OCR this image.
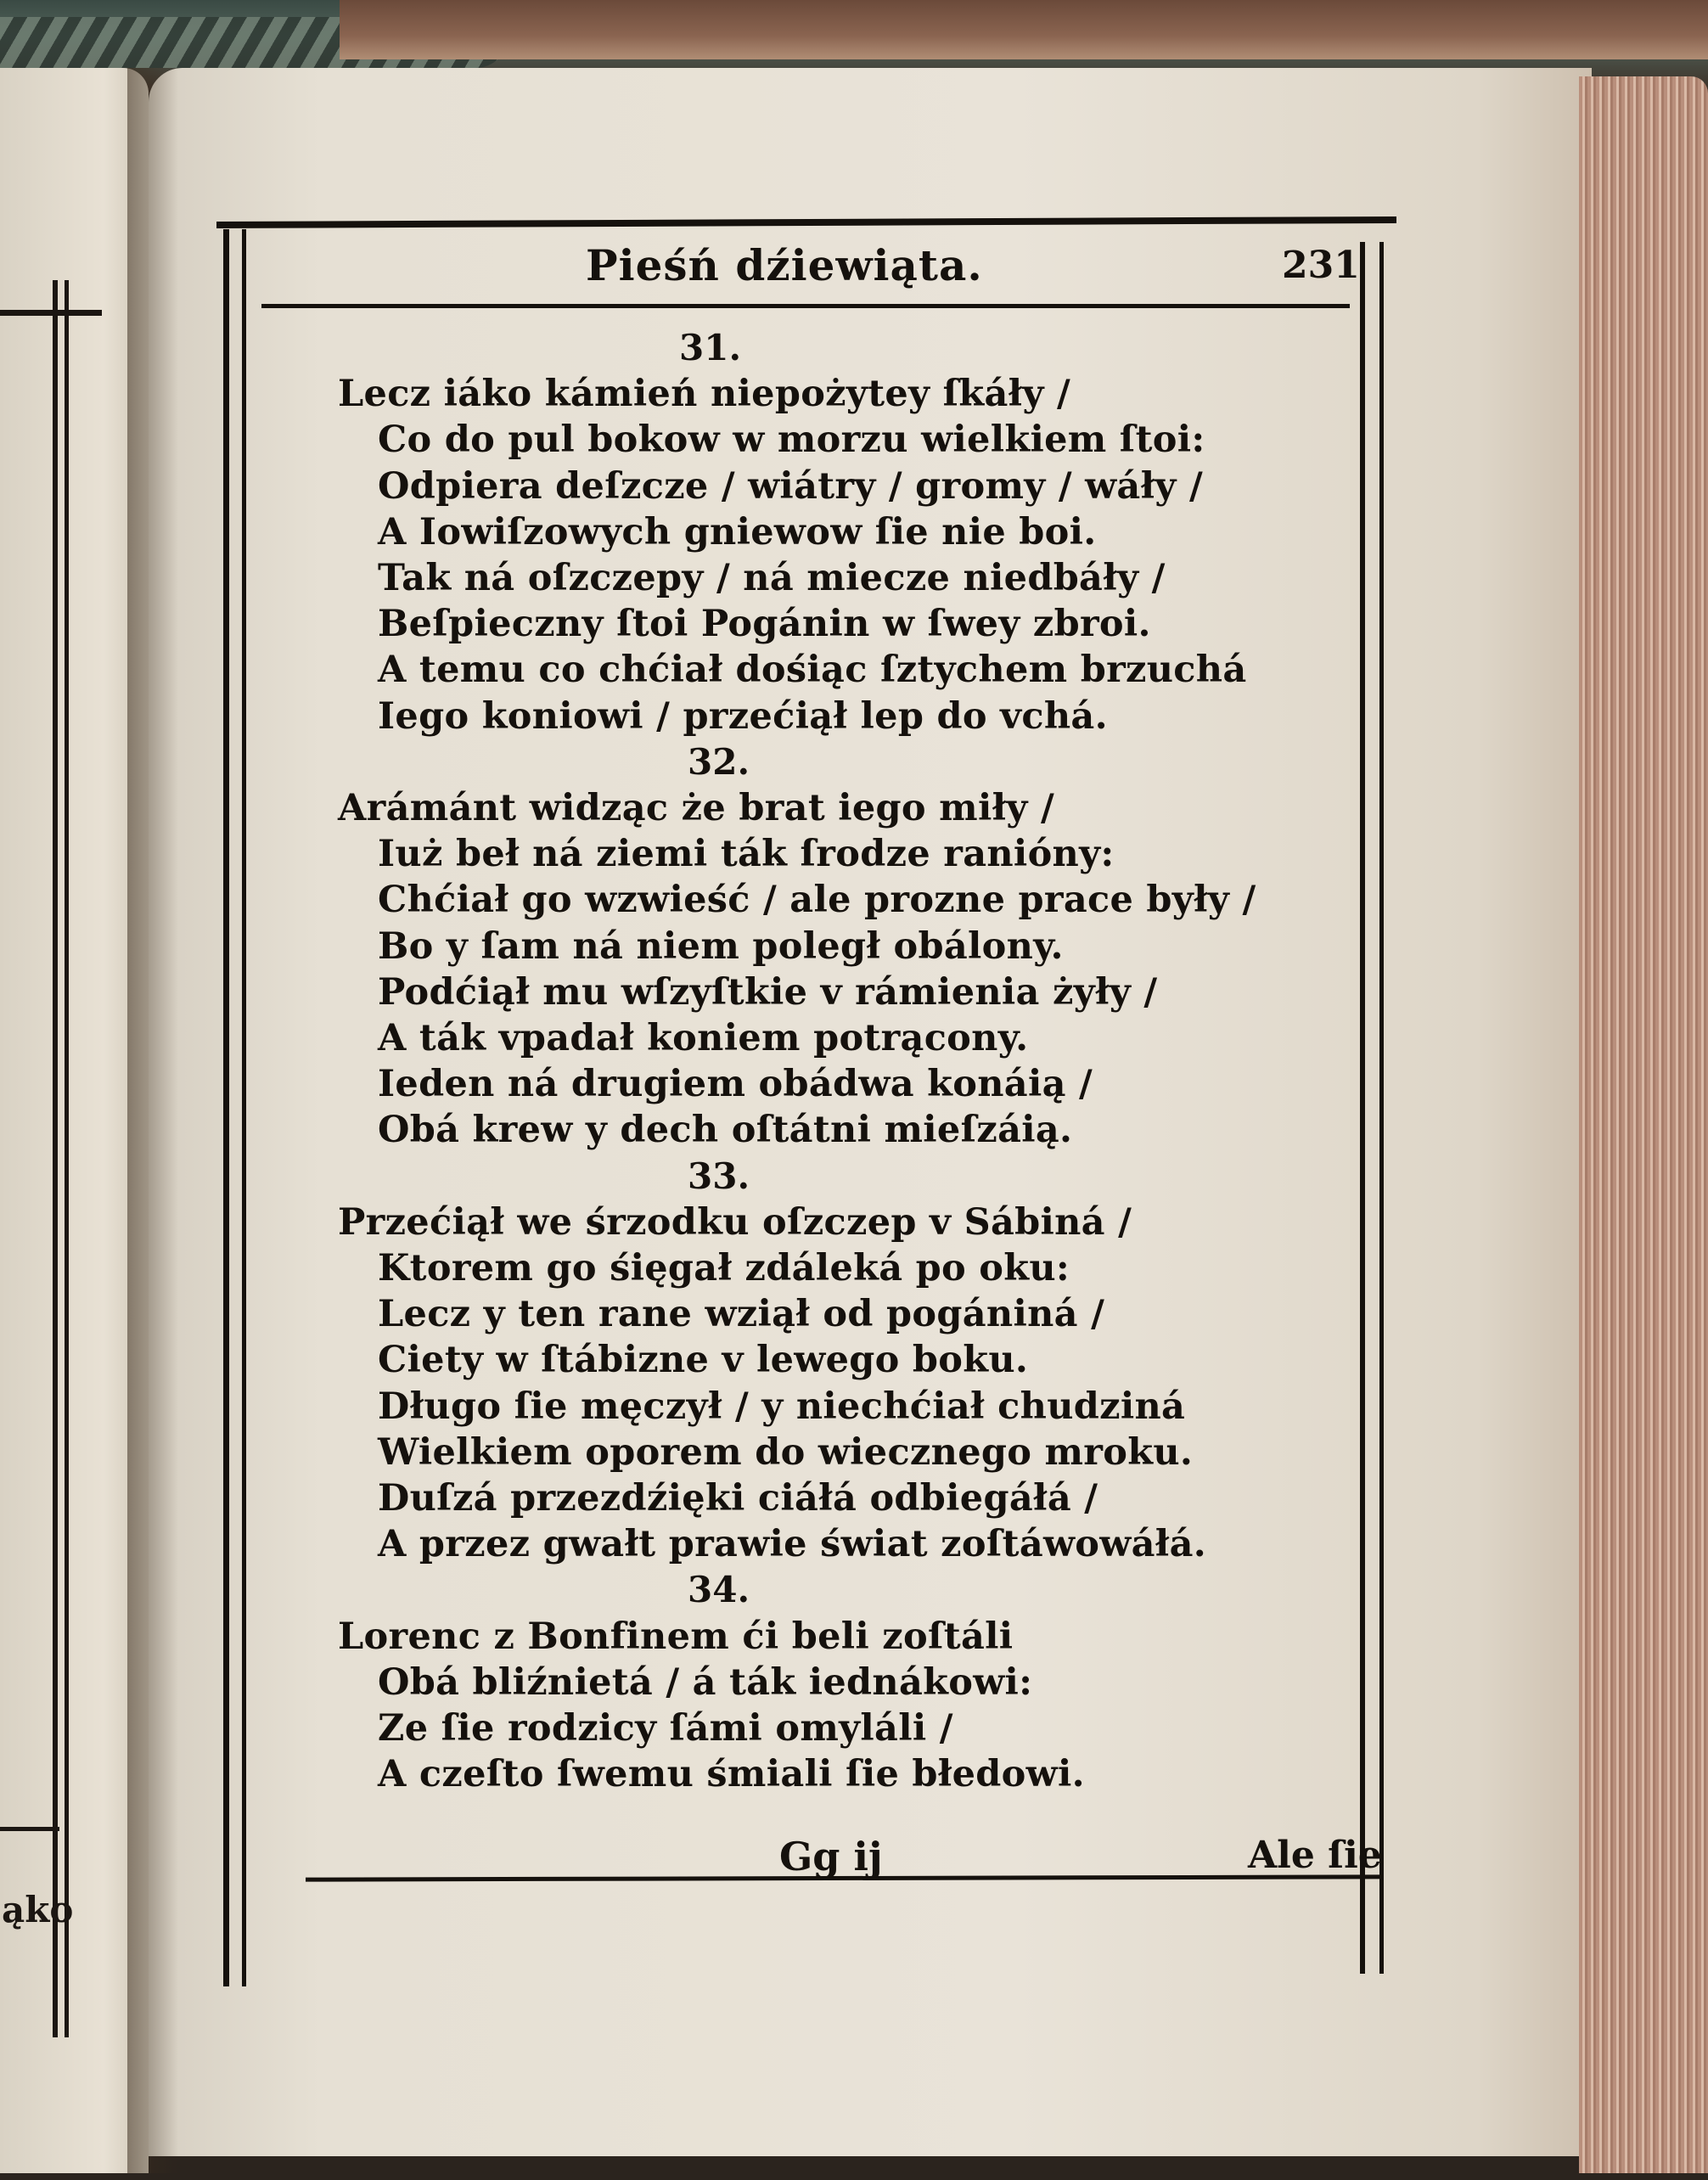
ąko
Pieśń dźiewiąta.	231
31.
Lecz iáko kámień niepożytey ſkáły /
Co do pul bokow w morzu wielkiem ſtoi:
Odpiera deſzcze / wiátry / gromy / wáły /
A Iowiſzowych gniewow ſie nie boi.
Tak ná oſzczepy / ná miecze niedbáły /
Beſpieczny ſtoi Pogánin w ſwey zbroi.
A temu co chćiał dośiąc ſztychem brzuchá
Iego koniowi / przećiął lep do vchá.
32.
Arámánt widząc że brat iego miły /
Iuż beł ná ziemi ták ſrodze ranióny:
Chćiał go wzwieść / ale prozne prace były /
Bo y ſam ná niem poległ obálony.
Podćiął mu wſzyſtkie v rámienia żyły /
A ták vpadał koniem potrącony.
Ieden ná drugiem obádwa konáią /
Obá krew y dech oſtátni mieſzáią.
33.
Przećiął we śrzodku oſzczep v Sábiná /
Ktorem go śięgał zdáleká po oku:
Lecz y ten rane wziął od pogániná /
Ciety w ſtábizne v lewego boku.
Długo ſie męczył / y niechćiał chudziná
Wielkiem oporem do wiecznego mroku.
Duſzá przezdźięki ciáłá odbiegáłá /
A przez gwałt prawie świat zoſtáwowáłá.
34.
Lorenc z Bonfinem ći beli zoſtáli
Obá bliźnietá / á ták iednákowi:
Ze ſie rodzicy ſámi omyláli /
A czeſto ſwemu śmiali ſie błedowi.
Gg ij	Ale ſie
